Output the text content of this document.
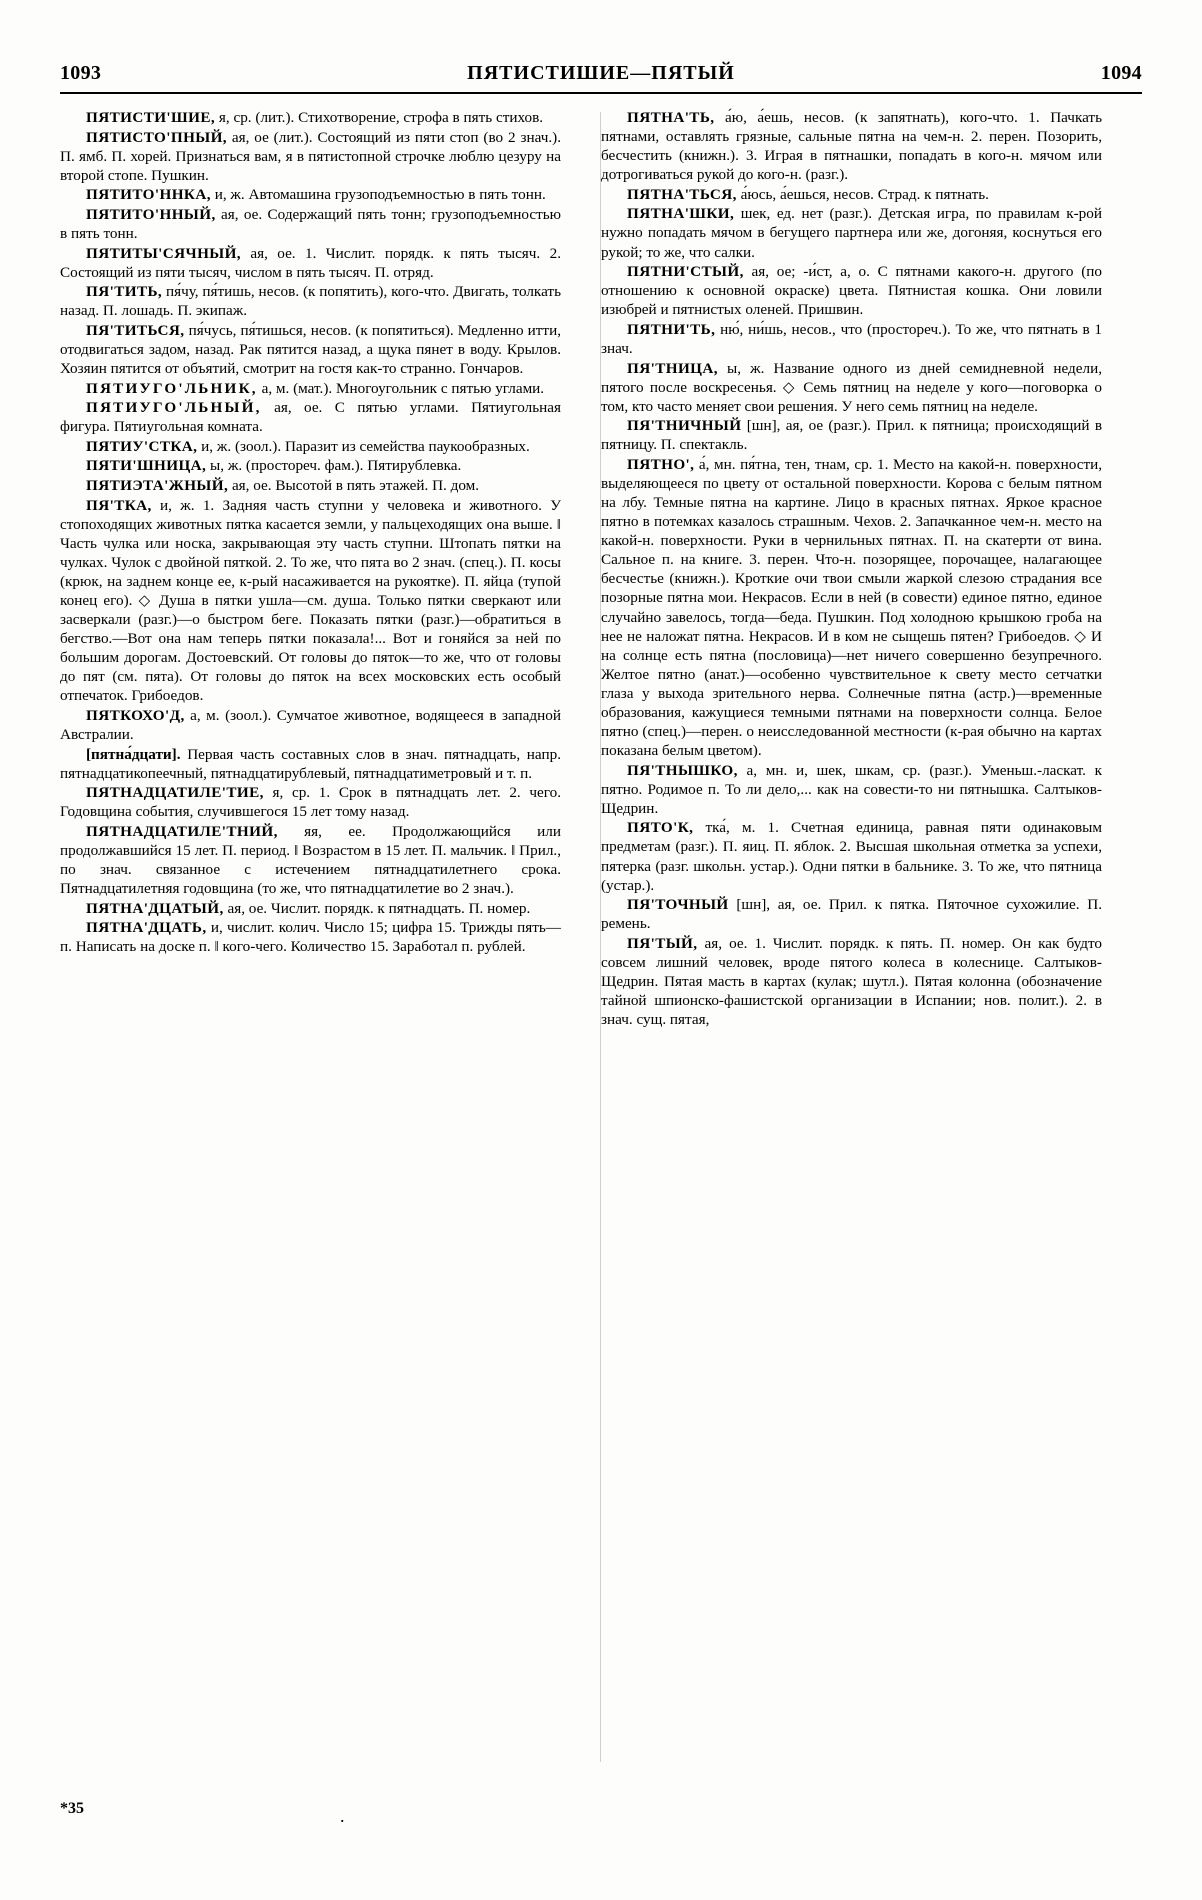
1093	ПЯТИСТИШИЕ—ПЯТЫЙ	1094

ПЯТИСТИ'ШИЕ, я, ср. (лит.). Стихотворение, строфа в пять стихов.

ПЯТИСТО'ПНЫЙ, ая, ое (лит.). Состоящий из пяти стоп (во 2 знач.). П. ямб. П. хорей. Признаться вам, я в пятистопной строчке люблю цезуру на второй стопе. Пушкин.

ПЯТИТО'ННКА, и, ж. Автомашина грузоподъемностью в пять тонн.

ПЯТИТО'ННЫЙ, ая, ое. Содержащий пять тонн; грузоподъемностью в пять тонн.

ПЯТИТЫ'СЯЧНЫЙ, ая, ое. 1. Числит. порядк. к пять тысяч. 2. Состоящий из пяти тысяч, числом в пять тысяч. П. отряд.

ПЯ'ТИТЬ, пя́чу, пя́тишь, несов. (к попятить), кого-что. Двигать, толкать назад. П. лошадь. П. экипаж.

ПЯ'ТИТЬСЯ, пя́чусь, пя́тишься, несов. (к попятиться). Медленно итти, отодвигаться задом, назад. Рак пятится назад, а щука пянет в воду. Крылов. Хозяин пятится от объятий, смотрит на гостя как-то странно. Гончаров.

ПЯТИУГО'ЛЬНИК, а, м. (мат.). Многоугольник с пятью углами.

ПЯТИУГО'ЛЬНЫЙ, ая, ое. С пятью углами. Пятиугольная фигура. Пятиугольная комната.

ПЯТИУ'СТКА, и, ж. (зоол.). Паразит из семейства паукообразных.

ПЯТИ'ШНИЦА, ы, ж. (простореч. фам.). Пятирублевка.

ПЯТИЭТА'ЖНЫЙ, ая, ое. Высотой в пять этажей. П. дом.

ПЯ'ТКА, и, ж. 1. Задняя часть ступни у человека и животного. У стопоходящих животных пятка касается земли, у пальцеходящих она выше. ‖ Часть чулка или носка, закрывающая эту часть ступни. Штопать пятки на чулках. Чулок с двойной пяткой. 2. То же, что пята во 2 знач. (спец.). П. косы (крюк, на заднем конце ее, к-рый насаживается на рукоятке). П. яйца (тупой конец его). ◇ Душа в пятки ушла—см. душа. Только пятки сверкают или засверкали (разг.)—о быстром беге. Показать пятки (разг.)—обратиться в бегство.—Вот она нам теперь пятки показала!... Вот и гоняйся за ней по большим дорогам. Достоевский. От головы до пяток—то же, что от головы до пят (см. пята). От головы до пяток на всех московских есть особый отпечаток. Грибоедов.

ПЯТКОХО'Д, а, м. (зоол.). Сумчатое животное, водящееся в западной Австралии.

[пятна́дцати]. Первая часть составных слов в знач. пятнадцать, напр. пятнадцатикопеечный, пятнадцатирублевый, пятнадцатиметровый и т. п.

ПЯТНАДЦАТИЛЕ'ТИЕ, я, ср. 1. Срок в пятнадцать лет. 2. чего. Годовщина события, случившегося 15 лет тому назад.

ПЯТНАДЦАТИЛЕ'ТНИЙ, яя, ее. Продолжающийся или продолжавшийся 15 лет. П. период. ‖ Возрастом в 15 лет. П. мальчик. ‖ Прил., по знач. связанное с истечением пятнадцатилетнего срока. Пятнадцатилетняя годовщина (то же, что пятнадцатилетие во 2 знач.).

ПЯТНА'ДЦАТЫЙ, ая, ое. Числит. порядк. к пятнадцать. П. номер.

ПЯТНА'ДЦАТЬ, и, числит. колич. Число 15; цифра 15. Трижды пять—п. Написать на доске п. ‖ кого-чего. Количество 15. Заработал п. рублей.

ПЯТНА'ТЬ, а́ю, а́ешь, несов. (к запятнать), кого-что. 1. Пачкать пятнами, оставлять грязные, сальные пятна на чем-н. 2. перен. Позорить, бесчестить (книжн.). 3. Играя в пятнашки, попадать в кого-н. мячом или дотрогиваться рукой до кого-н. (разг.).

ПЯТНА'ТЬСЯ, а́юсь, а́ешься, несов. Страд. к пятнать.

ПЯТНА'ШКИ, шек, ед. нет (разг.). Детская игра, по правилам к-рой нужно попадать мячом в бегущего партнера или же, догоняя, коснуться его рукой; то же, что салки.

ПЯТНИ'СТЫЙ, ая, ое; -и́ст, а, о. С пятнами какого-н. другого (по отношению к основной окраске) цвета. Пятнистая кошка. Они ловили изюбрей и пятнистых оленей. Пришвин.

ПЯТНИ'ТЬ, ню́, ни́шь, несов., что (простореч.). То же, что пятнать в 1 знач.

ПЯ'ТНИЦА, ы, ж. Название одного из дней семидневной недели, пятого после воскресенья. ◇ Семь пятниц на неделе у кого—поговорка о том, кто часто меняет свои решения. У него семь пятниц на неделе.

ПЯ'ТНИЧНЫЙ [шн], ая, ое (разг.). Прил. к пятница; происходящий в пятницу. П. спектакль.

ПЯТНО', а́, мн. пя́тна, тен, тнам, ср. 1. Место на какой-н. поверхности, выделяющееся по цвету от остальной поверхности. Корова с белым пятном на лбу. Темные пятна на картине. Лицо в красных пятнах. Яркое красное пятно в потемках казалось страшным. Чехов. 2. Запачканное чем-н. место на какой-н. поверхности. Руки в чернильных пятнах. П. на скатерти от вина. Сальное п. на книге. 3. перен. Что-н. позорящее, порочащее, налагающее бесчестье (книжн.). Кроткие очи твои смыли жаркой слезою страдания все позорные пятна мои. Некрасов. Если в ней (в совести) единое пятно, единое случайно завелось, тогда—беда. Пушкин. Под холодною крышкою гроба на нее не наложат пятна. Некрасов. И в ком не сыщешь пятен? Грибоедов. ◇ И на солнце есть пятна (пословица)—нет ничего совершенно безупречного. Желтое пятно (анат.)—особенно чувствительное к свету место сетчатки глаза у выхода зрительного нерва. Солнечные пятна (астр.)—временные образования, кажущиеся темными пятнами на поверхности солнца. Белое пятно (спец.)—перен. о неисследованной местности (к-рая обычно на картах показана белым цветом).

ПЯ'ТНЫШКО, а, мн. и, шек, шкам, ср. (разг.). Уменьш.-ласкат. к пятно. Родимое п. То ли дело,... как на совести-то ни пятнышка. Салтыков-Щедрин.

ПЯТО'К, тка́, м. 1. Счетная единица, равная пяти одинаковым предметам (разг.). П. яиц. П. яблок. 2. Высшая школьная отметка за успехи, пятерка (разг. школьн. устар.). Одни пятки в бальнике. 3. То же, что пятница (устар.).

ПЯ'ТОЧНЫЙ [шн], ая, ое. Прил. к пятка. Пяточное сухожилие. П. ремень.

ПЯ'ТЫЙ, ая, ое. 1. Числит. порядк. к пять. П. номер. Он как будто совсем лишний человек, вроде пятого колеса в колеснице. Салтыков-Щедрин. Пятая масть в картах (кулак; шутл.). Пятая колонна (обозначение тайной шпионско-фашистской организации в Испании; нов. полит.). 2. в знач. сущ. пятая,

*35	.
